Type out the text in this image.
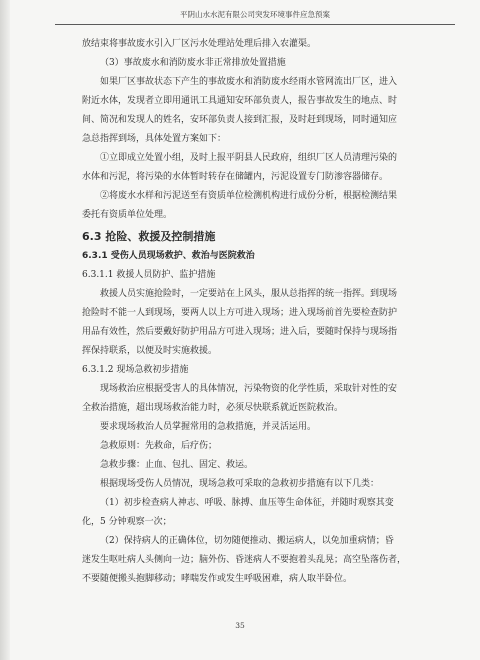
平阴山水水泥有限公司突发环境事件应急预案
放结束将事故废水引入厂区污水处理站处理后排入农灌渠。
（3）事故废水和消防废水非正常排放处置措施
如果厂区事故状态下产生的事故废水和消防废水经雨水管网流出厂区，进入
附近水体，发现者立即用通讯工具通知安环部负责人，报告事故发生的地点、时
间、简况和发现人的姓名，安环部负责人接到汇报，及时赶到现场，同时通知应
急总指挥到场，具体处置方案如下：
①立即成立处置小组，及时上报平阴县人民政府，组织厂区人员清理污染的
水体和污泥，将污染的水体暂时转存在储罐内，污泥设置专门防渗容器储存。
②将废水水样和污泥送至有资质单位检测机构进行成份分析，根据检测结果
委托有资质单位处理。
6.3 抢险、救援及控制措施
6.3.1 受伤人员现场救护、救治与医院救治
6.3.1.1 救援人员防护、监护措施
救援人员实施抢险时，一定要站在上风头，服从总指挥的统一指挥。到现场
抢险时不能一人到现场，要两人以上方可进入现场；进入现场前首先要检查防护
用品有效性，然后要戴好防护用品方可进入现场；进入后，要随时保持与现场指
挥保持联系，以便及时实施救援。
6.3.1.2 现场急救初步措施
现场救治应根据受害人的具体情况，污染物资的化学性质，采取针对性的安
全救治措施，超出现场救治能力时，必须尽快联系就近医院救治。
要求现场救治人员掌握常用的急救措施，并灵活运用。
急救原则：先救命，后疗伤；
急救步骤：止血、包扎、固定、救运。
根据现场受伤人员情况，现场急救可采取的急救初步措施有以下几类：
（1）初步检查病人神志、呼吸、脉搏、血压等生命体征，并随时观察其变
化，5 分钟观察一次；
（2）保持病人的正确体位，切勿随便推动、搬运病人，以免加重病情；昏
迷发生呕吐病人头侧向一边；脑外伤、昏迷病人不要抱着头乱晃；高空坠落伤者，
不要随便搬头抱脚移动；哮喘发作或发生呼吸困难，病人取半卧位。
35
